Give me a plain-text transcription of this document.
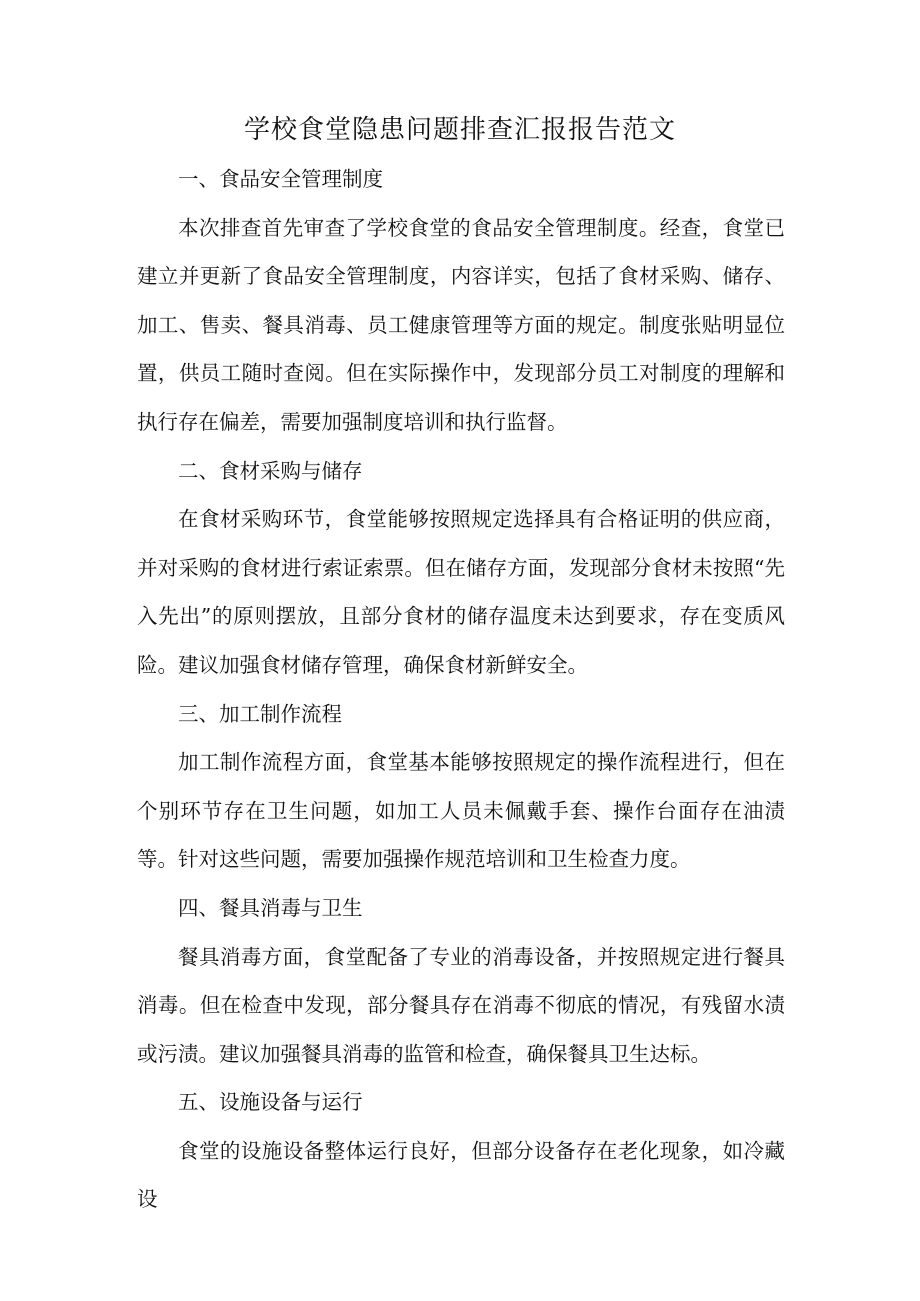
学校食堂隐患问题排查汇报报告范文

一、食品安全管理制度

本次排查首先审查了学校食堂的食品安全管理制度。经查，食堂已建立并更新了食品安全管理制度，内容详实，包括了食材采购、储存、加工、售卖、餐具消毒、员工健康管理等方面的规定。制度张贴明显位置，供员工随时查阅。但在实际操作中，发现部分员工对制度的理解和执行存在偏差，需要加强制度培训和执行监督。

二、食材采购与储存

在食材采购环节，食堂能够按照规定选择具有合格证明的供应商，并对采购的食材进行索证索票。但在储存方面，发现部分食材未按照“先入先出”的原则摆放，且部分食材的储存温度未达到要求，存在变质风险。建议加强食材储存管理，确保食材新鲜安全。

三、加工制作流程

加工制作流程方面，食堂基本能够按照规定的操作流程进行，但在个别环节存在卫生问题，如加工人员未佩戴手套、操作台面存在油渍等。针对这些问题，需要加强操作规范培训和卫生检查力度。

四、餐具消毒与卫生

餐具消毒方面，食堂配备了专业的消毒设备，并按照规定进行餐具消毒。但在检查中发现，部分餐具存在消毒不彻底的情况，有残留水渍或污渍。建议加强餐具消毒的监管和检查，确保餐具卫生达标。

五、设施设备与运行

食堂的设施设备整体运行良好，但部分设备存在老化现象，如冷藏设
